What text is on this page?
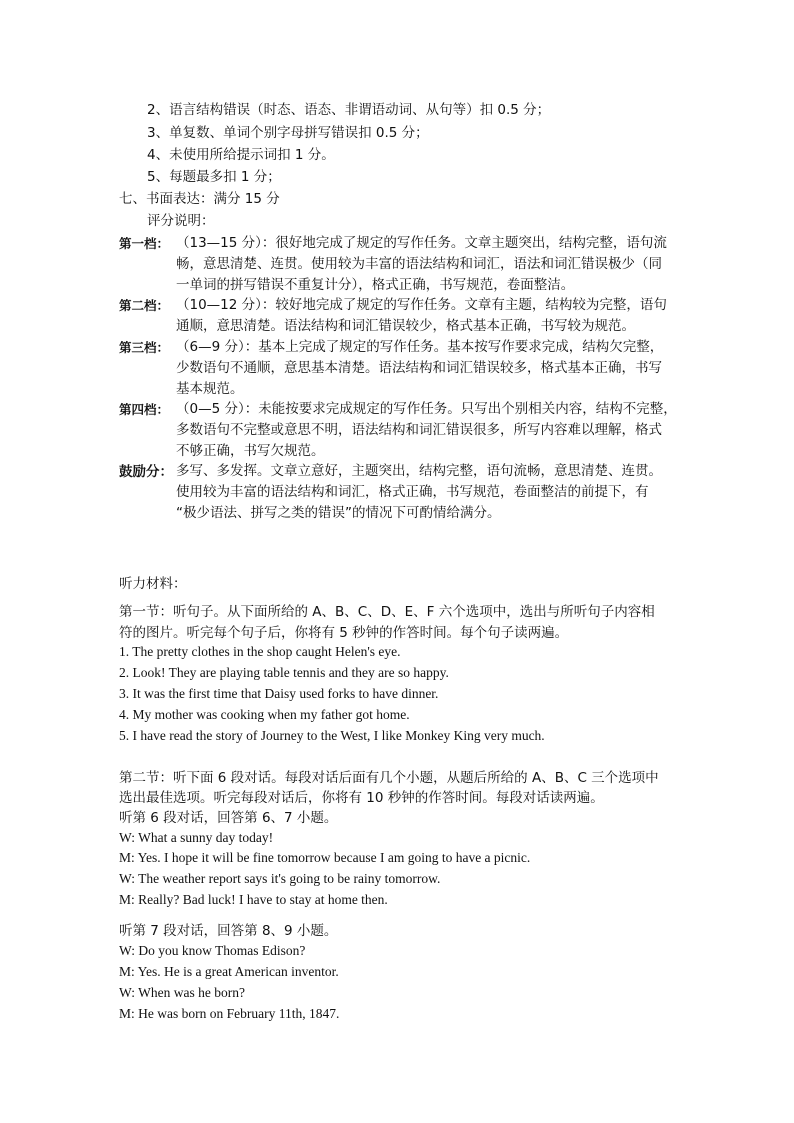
2、语言结构错误（时态、语态、非谓语动词、从句等）扣 0.5 分；
3、单复数、单词个别字母拼写错误扣 0.5 分；
4、未使用所给提示词扣 1 分。
5、每题最多扣 1 分；
七、书面表达：满分 15 分
评分说明：
第一档： （13—15 分）：很好地完成了规定的写作任务。文章主题突出，结构完整，语句流
畅，意思清楚、连贯。使用较为丰富的语法结构和词汇，语法和词汇错误极少（同
一单词的拼写错误不重复计分），格式正确，书写规范，卷面整洁。
第二档： （10—12 分）：较好地完成了规定的写作任务。文章有主题，结构较为完整，语句
通顺，意思清楚。语法结构和词汇错误较少，格式基本正确，书写较为规范。
第三档： （6—9 分）：基本上完成了规定的写作任务。基本按写作要求完成，结构欠完整，
少数语句不通顺，意思基本清楚。语法结构和词汇错误较多，格式基本正确，书写
基本规范。
第四档： （0—5 分）：未能按要求完成规定的写作任务。只写出个别相关内容，结构不完整，
多数语句不完整或意思不明，语法结构和词汇错误很多，所写内容难以理解，格式
不够正确，书写欠规范。
鼓励分： 多写、多发挥。文章立意好，主题突出，结构完整，语句流畅，意思清楚、连贯。
使用较为丰富的语法结构和词汇，格式正确，书写规范，卷面整洁的前提下，有
“极少语法、拼写之类的错误”的情况下可酌情给满分。
听力材料：
第一节：听句子。从下面所给的 A、B、C、D、E、F 六个选项中，选出与所听句子内容相
符的图片。听完每个句子后，你将有 5 秒钟的作答时间。每个句子读两遍。
1. The pretty clothes in the shop caught Helen's eye.
2. Look! They are playing table tennis and they are so happy.
3. It was the first time that Daisy used forks to have dinner.
4. My mother was cooking when my father got home.
5. I have read the story of Journey to the West, I like Monkey King very much.
第二节：听下面 6 段对话。每段对话后面有几个小题，从题后所给的 A、B、C 三个选项中
选出最佳选项。听完每段对话后，你将有 10 秒钟的作答时间。每段对话读两遍。
听第 6 段对话，回答第 6、7 小题。
W: What a sunny day today!
M: Yes. I hope it will be fine tomorrow because I am going to have a picnic.
W: The weather report says it's going to be rainy tomorrow.
M: Really? Bad luck! I have to stay at home then.
听第 7 段对话，回答第 8、9 小题。
W: Do you know Thomas Edison?
M: Yes. He is a great American inventor.
W: When was he born?
M: He was born on February 11th, 1847.
